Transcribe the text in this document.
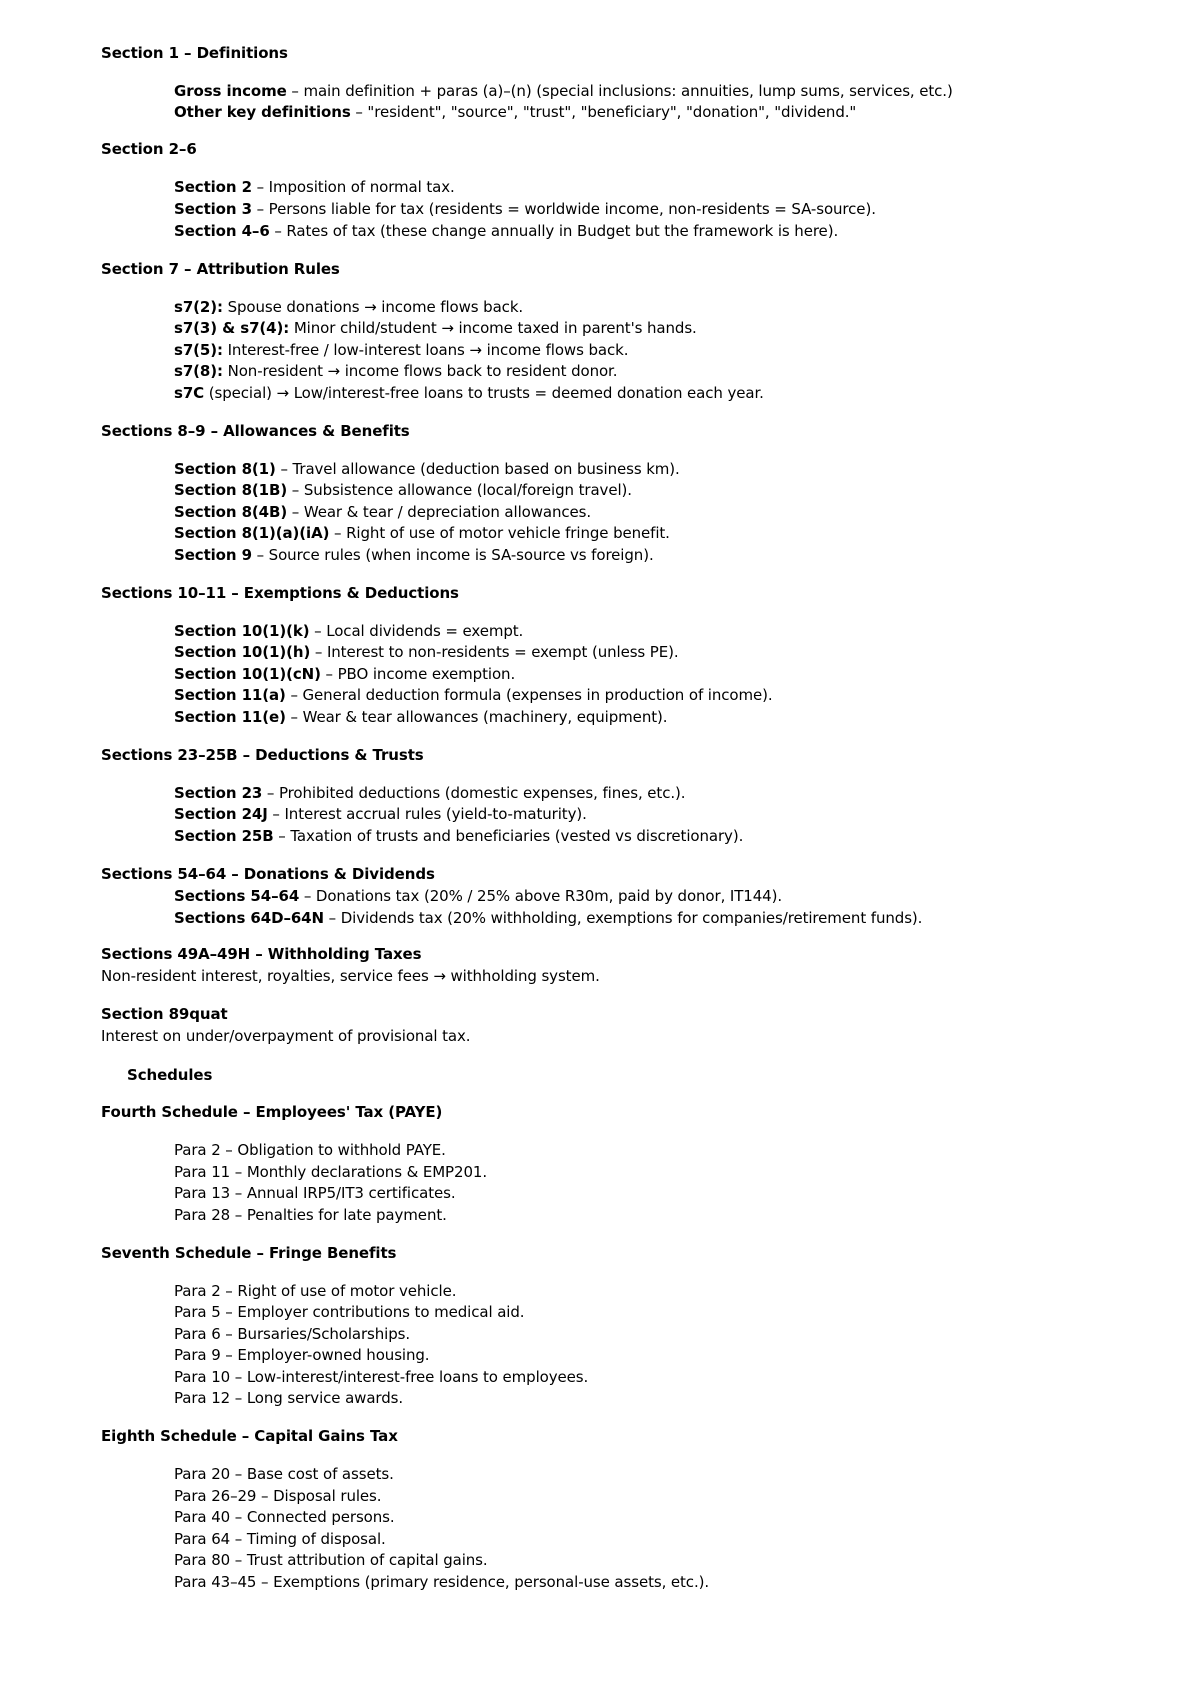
Section 1 – Definitions
Gross income – main definition + paras (a)–(n) (special inclusions: annuities, lump sums, services, etc.)
Other key definitions – "resident", "source", "trust", "beneficiary", "donation", "dividend."
Section 2–6
Section 2 – Imposition of normal tax.
Section 3 – Persons liable for tax (residents = worldwide income, non-residents = SA-source).
Section 4–6 – Rates of tax (these change annually in Budget but the framework is here).
Section 7 – Attribution Rules
s7(2): Spouse donations → income flows back.
s7(3) & s7(4): Minor child/student → income taxed in parent's hands.
s7(5): Interest-free / low-interest loans → income flows back.
s7(8): Non-resident → income flows back to resident donor.
s7C (special) → Low/interest-free loans to trusts = deemed donation each year.
Sections 8–9 – Allowances & Benefits
Section 8(1) – Travel allowance (deduction based on business km).
Section 8(1B) – Subsistence allowance (local/foreign travel).
Section 8(4B) – Wear & tear / depreciation allowances.
Section 8(1)(a)(iA) – Right of use of motor vehicle fringe benefit.
Section 9 – Source rules (when income is SA-source vs foreign).
Sections 10–11 – Exemptions & Deductions
Section 10(1)(k) – Local dividends = exempt.
Section 10(1)(h) – Interest to non-residents = exempt (unless PE).
Section 10(1)(cN) – PBO income exemption.
Section 11(a) – General deduction formula (expenses in production of income).
Section 11(e) – Wear & tear allowances (machinery, equipment).
Sections 23–25B – Deductions & Trusts
Section 23 – Prohibited deductions (domestic expenses, fines, etc.).
Section 24J – Interest accrual rules (yield-to-maturity).
Section 25B – Taxation of trusts and beneficiaries (vested vs discretionary).
Sections 54–64 – Donations & Dividends
Sections 54–64 – Donations tax (20% / 25% above R30m, paid by donor, IT144).
Sections 64D–64N – Dividends tax (20% withholding, exemptions for companies/retirement funds).
Sections 49A–49H – Withholding Taxes
Non-resident interest, royalties, service fees → withholding system.
Section 89quat
Interest on under/overpayment of provisional tax.
Schedules
Fourth Schedule – Employees' Tax (PAYE)
Para 2 – Obligation to withhold PAYE.
Para 11 – Monthly declarations & EMP201.
Para 13 – Annual IRP5/IT3 certificates.
Para 28 – Penalties for late payment.
Seventh Schedule – Fringe Benefits
Para 2 – Right of use of motor vehicle.
Para 5 – Employer contributions to medical aid.
Para 6 – Bursaries/Scholarships.
Para 9 – Employer-owned housing.
Para 10 – Low-interest/interest-free loans to employees.
Para 12 – Long service awards.
Eighth Schedule – Capital Gains Tax
Para 20 – Base cost of assets.
Para 26–29 – Disposal rules.
Para 40 – Connected persons.
Para 64 – Timing of disposal.
Para 80 – Trust attribution of capital gains.
Para 43–45 – Exemptions (primary residence, personal-use assets, etc.).
